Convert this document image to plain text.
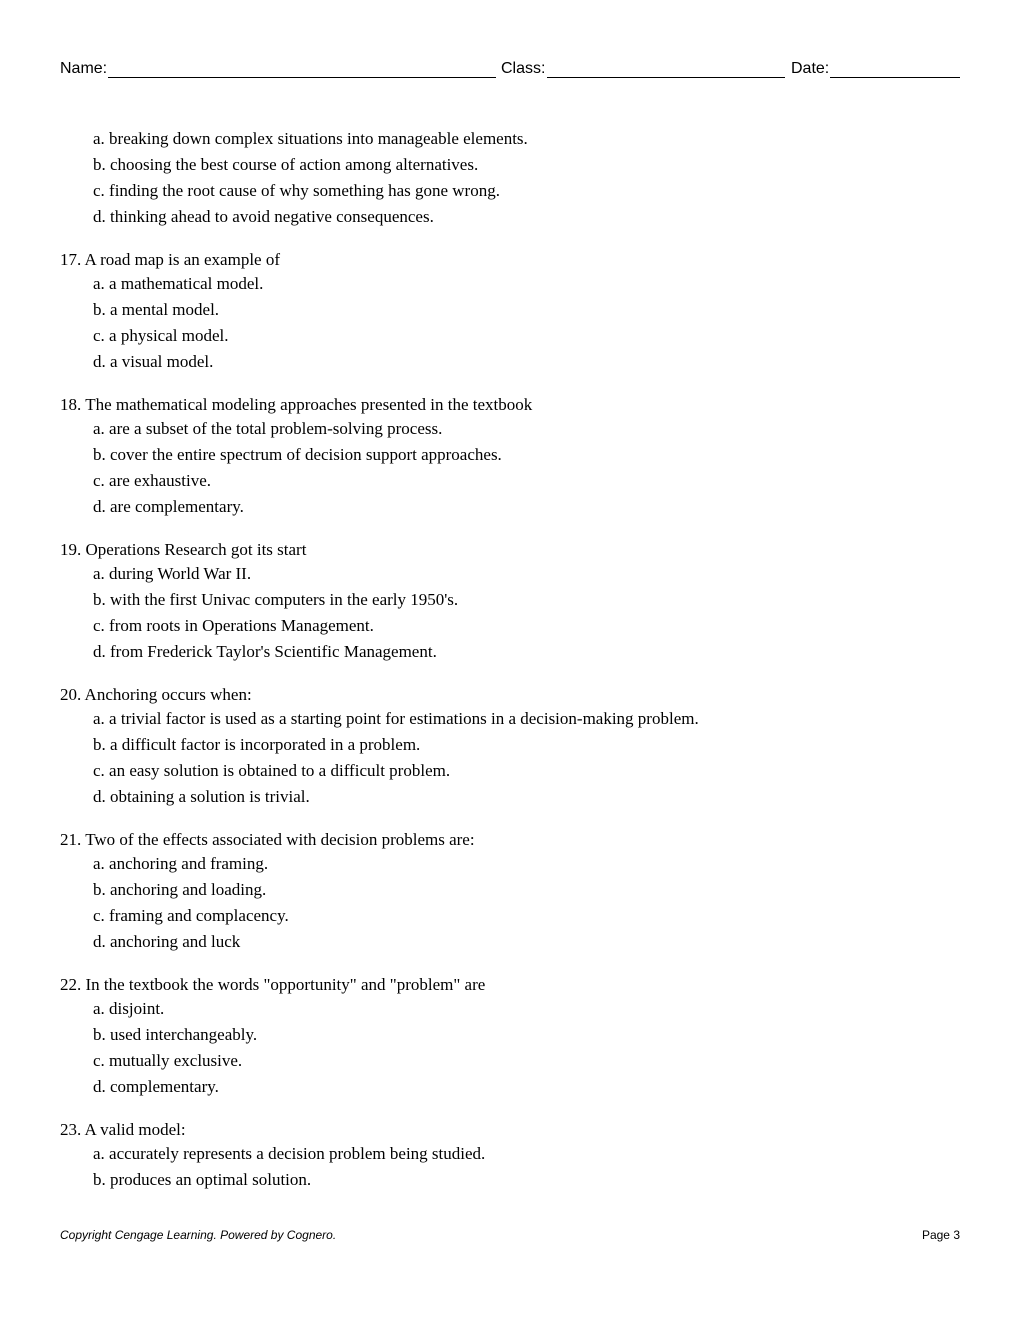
Name:	Class:	Date:
a. breaking down complex situations into manageable elements.
b. choosing the best course of action among alternatives.
c. finding the root cause of why something has gone wrong.
d. thinking ahead to avoid negative consequences.
17. A road map is an example of
a. a mathematical model.
b. a mental model.
c. a physical model.
d. a visual model.
18. The mathematical modeling approaches presented in the textbook
a. are a subset of the total problem-solving process.
b. cover the entire spectrum of decision support approaches.
c. are exhaustive.
d. are complementary.
19. Operations Research got its start
a. during World War II.
b. with the first Univac computers in the early 1950's.
c. from roots in Operations Management.
d. from Frederick Taylor's Scientific Management.
20. Anchoring occurs when:
a. a trivial factor is used as a starting point for estimations in a decision-making problem.
b. a difficult factor is incorporated in a problem.
c. an easy solution is obtained to a difficult problem.
d. obtaining a solution is trivial.
21. Two of the effects associated with decision problems are:
a. anchoring and framing.
b. anchoring and loading.
c. framing and complacency.
d. anchoring and luck
22. In the textbook the words "opportunity" and "problem" are
a. disjoint.
b. used interchangeably.
c. mutually exclusive.
d. complementary.
23. A valid model:
a. accurately represents a decision problem being studied.
b. produces an optimal solution.
Copyright Cengage Learning. Powered by Cognero.	Page 3
